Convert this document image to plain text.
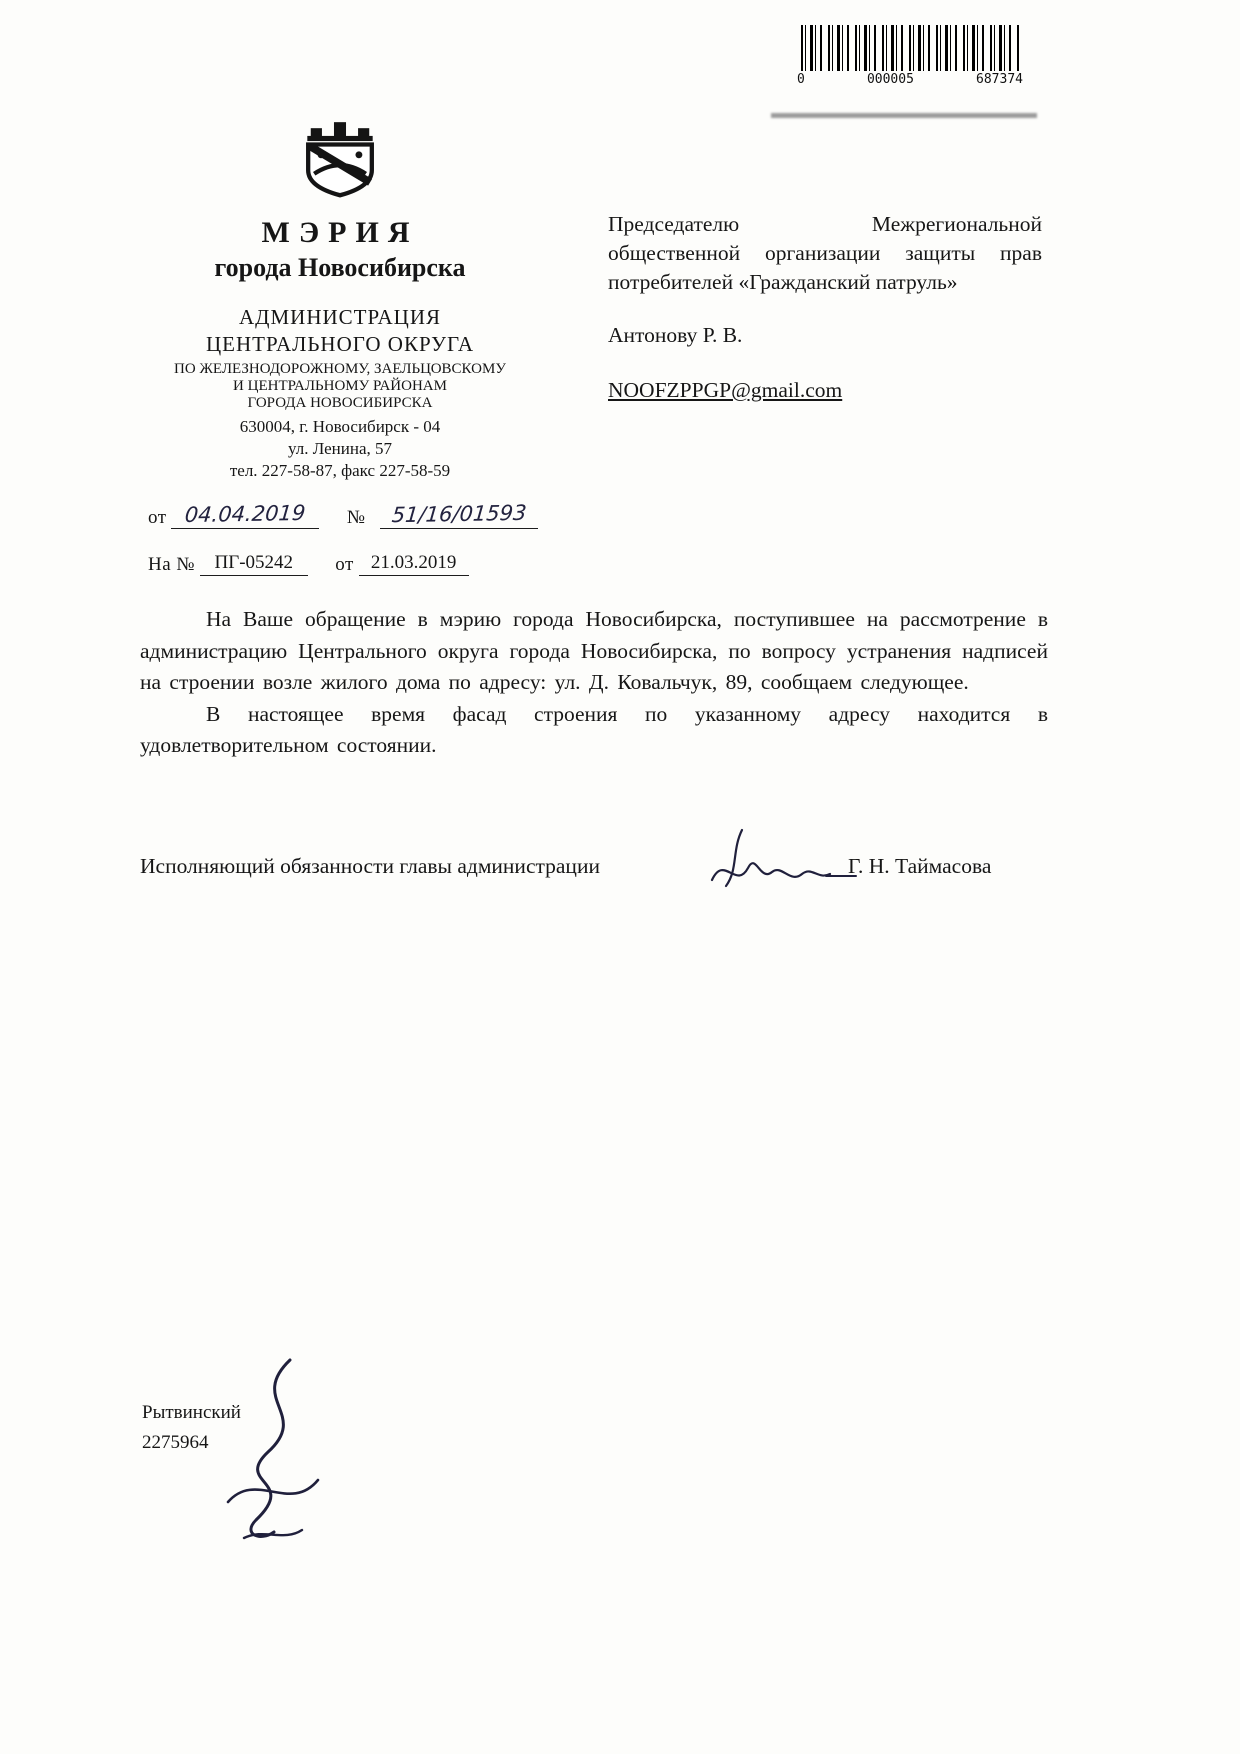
0	000005	687374
МЭРИЯ
города Новосибирска
АДМИНИСТРАЦИЯ
ЦЕНТРАЛЬНОГО ОКРУГА
ПО ЖЕЛЕЗНОДОРОЖНОМУ, ЗАЕЛЬЦОВСКОМУ
И ЦЕНТРАЛЬНОМУ РАЙОНАМ
ГОРОДА НОВОСИБИРСКА
630004, г. Новосибирск - 04
ул. Ленина, 57
тел. 227-58-87, факс 227-58-59
Председателю Межрегиональной общественной организации защиты прав потребителей «Гражданский патруль»
Антонову Р. В.
NOOFZPPGP@gmail.com
от 04.04.2019 № 51/16/01593
На № ПГ-05242 от 21.03.2019

На Ваше обращение в мэрию города Новосибирска, поступившее на рассмотрение в администрацию Центрального округа города Новосибирска, по вопросу устранения надписей на строении возле жилого дома по адресу: ул. Д. Ковальчук, 89, сообщаем следующее.

В настоящее время фасад строения по указанному адресу находится в удовлетворительном состоянии.

Исполняющий обязанности главы администрации	Г. Н. Таймасова
Рытвинский
2275964
